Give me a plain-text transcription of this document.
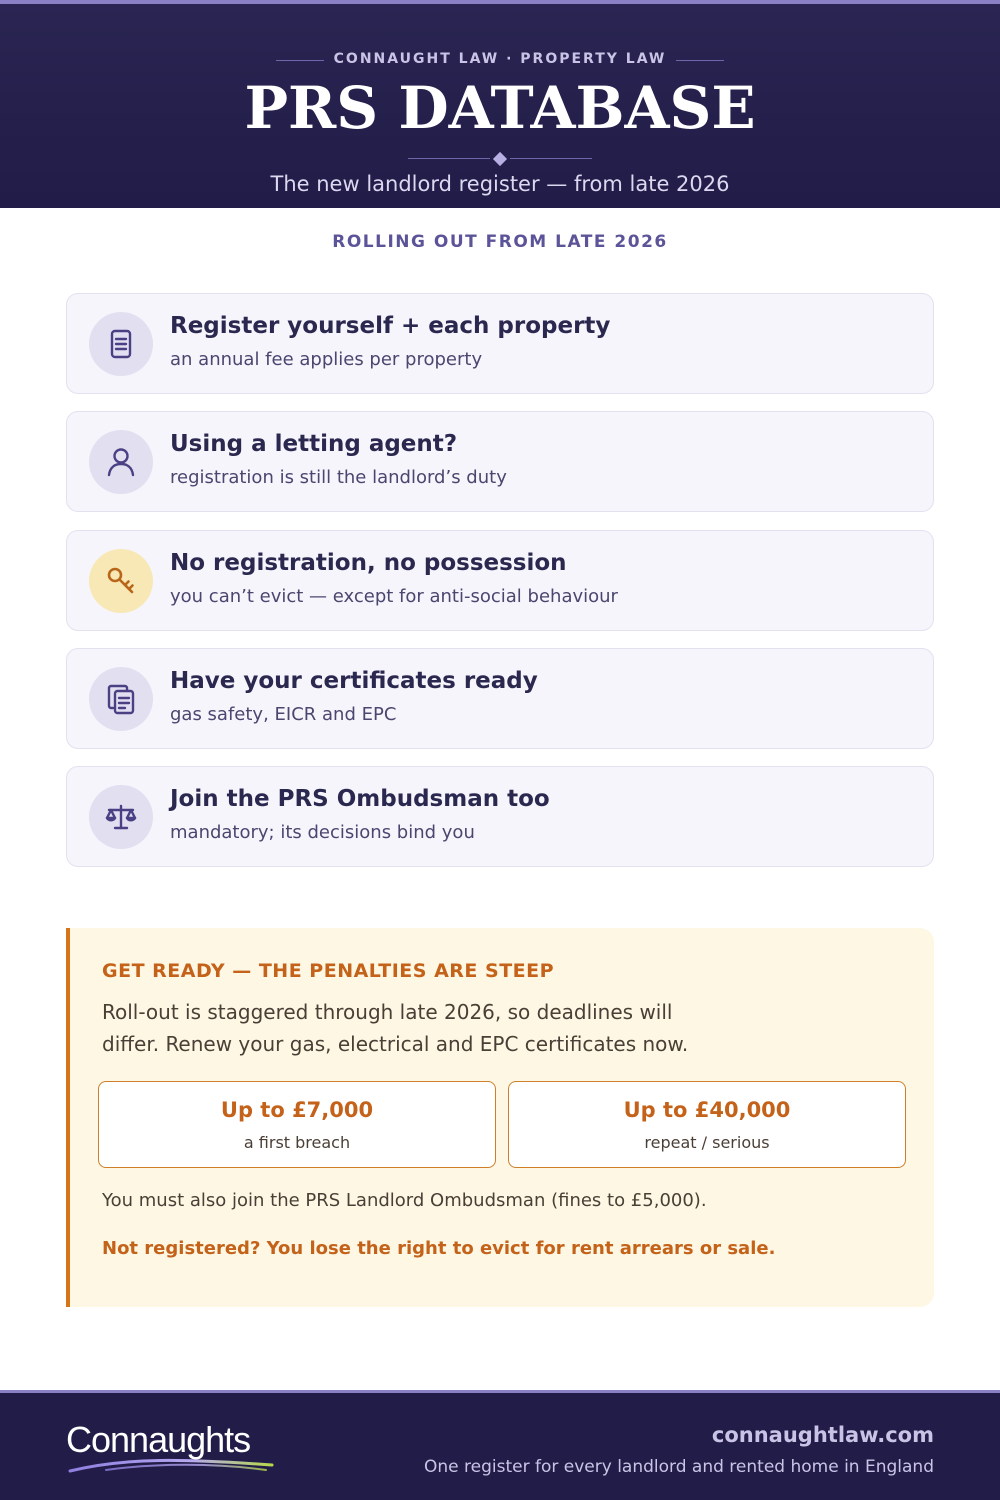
CONNAUGHT LAW · PROPERTY LAW
PRS DATABASE
The new landlord register — from late 2026
ROLLING OUT FROM LATE 2026
Register yourself + each property
an annual fee applies per property
Using a letting agent?
registration is still the landlord’s duty
No registration, no possession
you can’t evict — except for anti-social behaviour
Have your certificates ready
gas safety, EICR and EPC
Join the PRS Ombudsman too
mandatory; its decisions bind you
GET READY — THE PENALTIES ARE STEEP
Roll-out is staggered through late 2026, so deadlines will differ. Renew your gas, electrical and EPC certificates now.
Up to £7,000
a first breach
Up to £40,000
repeat / serious
You must also join the PRS Landlord Ombudsman (fines to £5,000).
Not registered? You lose the right to evict for rent arrears or sale.
Connaughts	connaughtlaw.com
One register for every landlord and rented home in England
